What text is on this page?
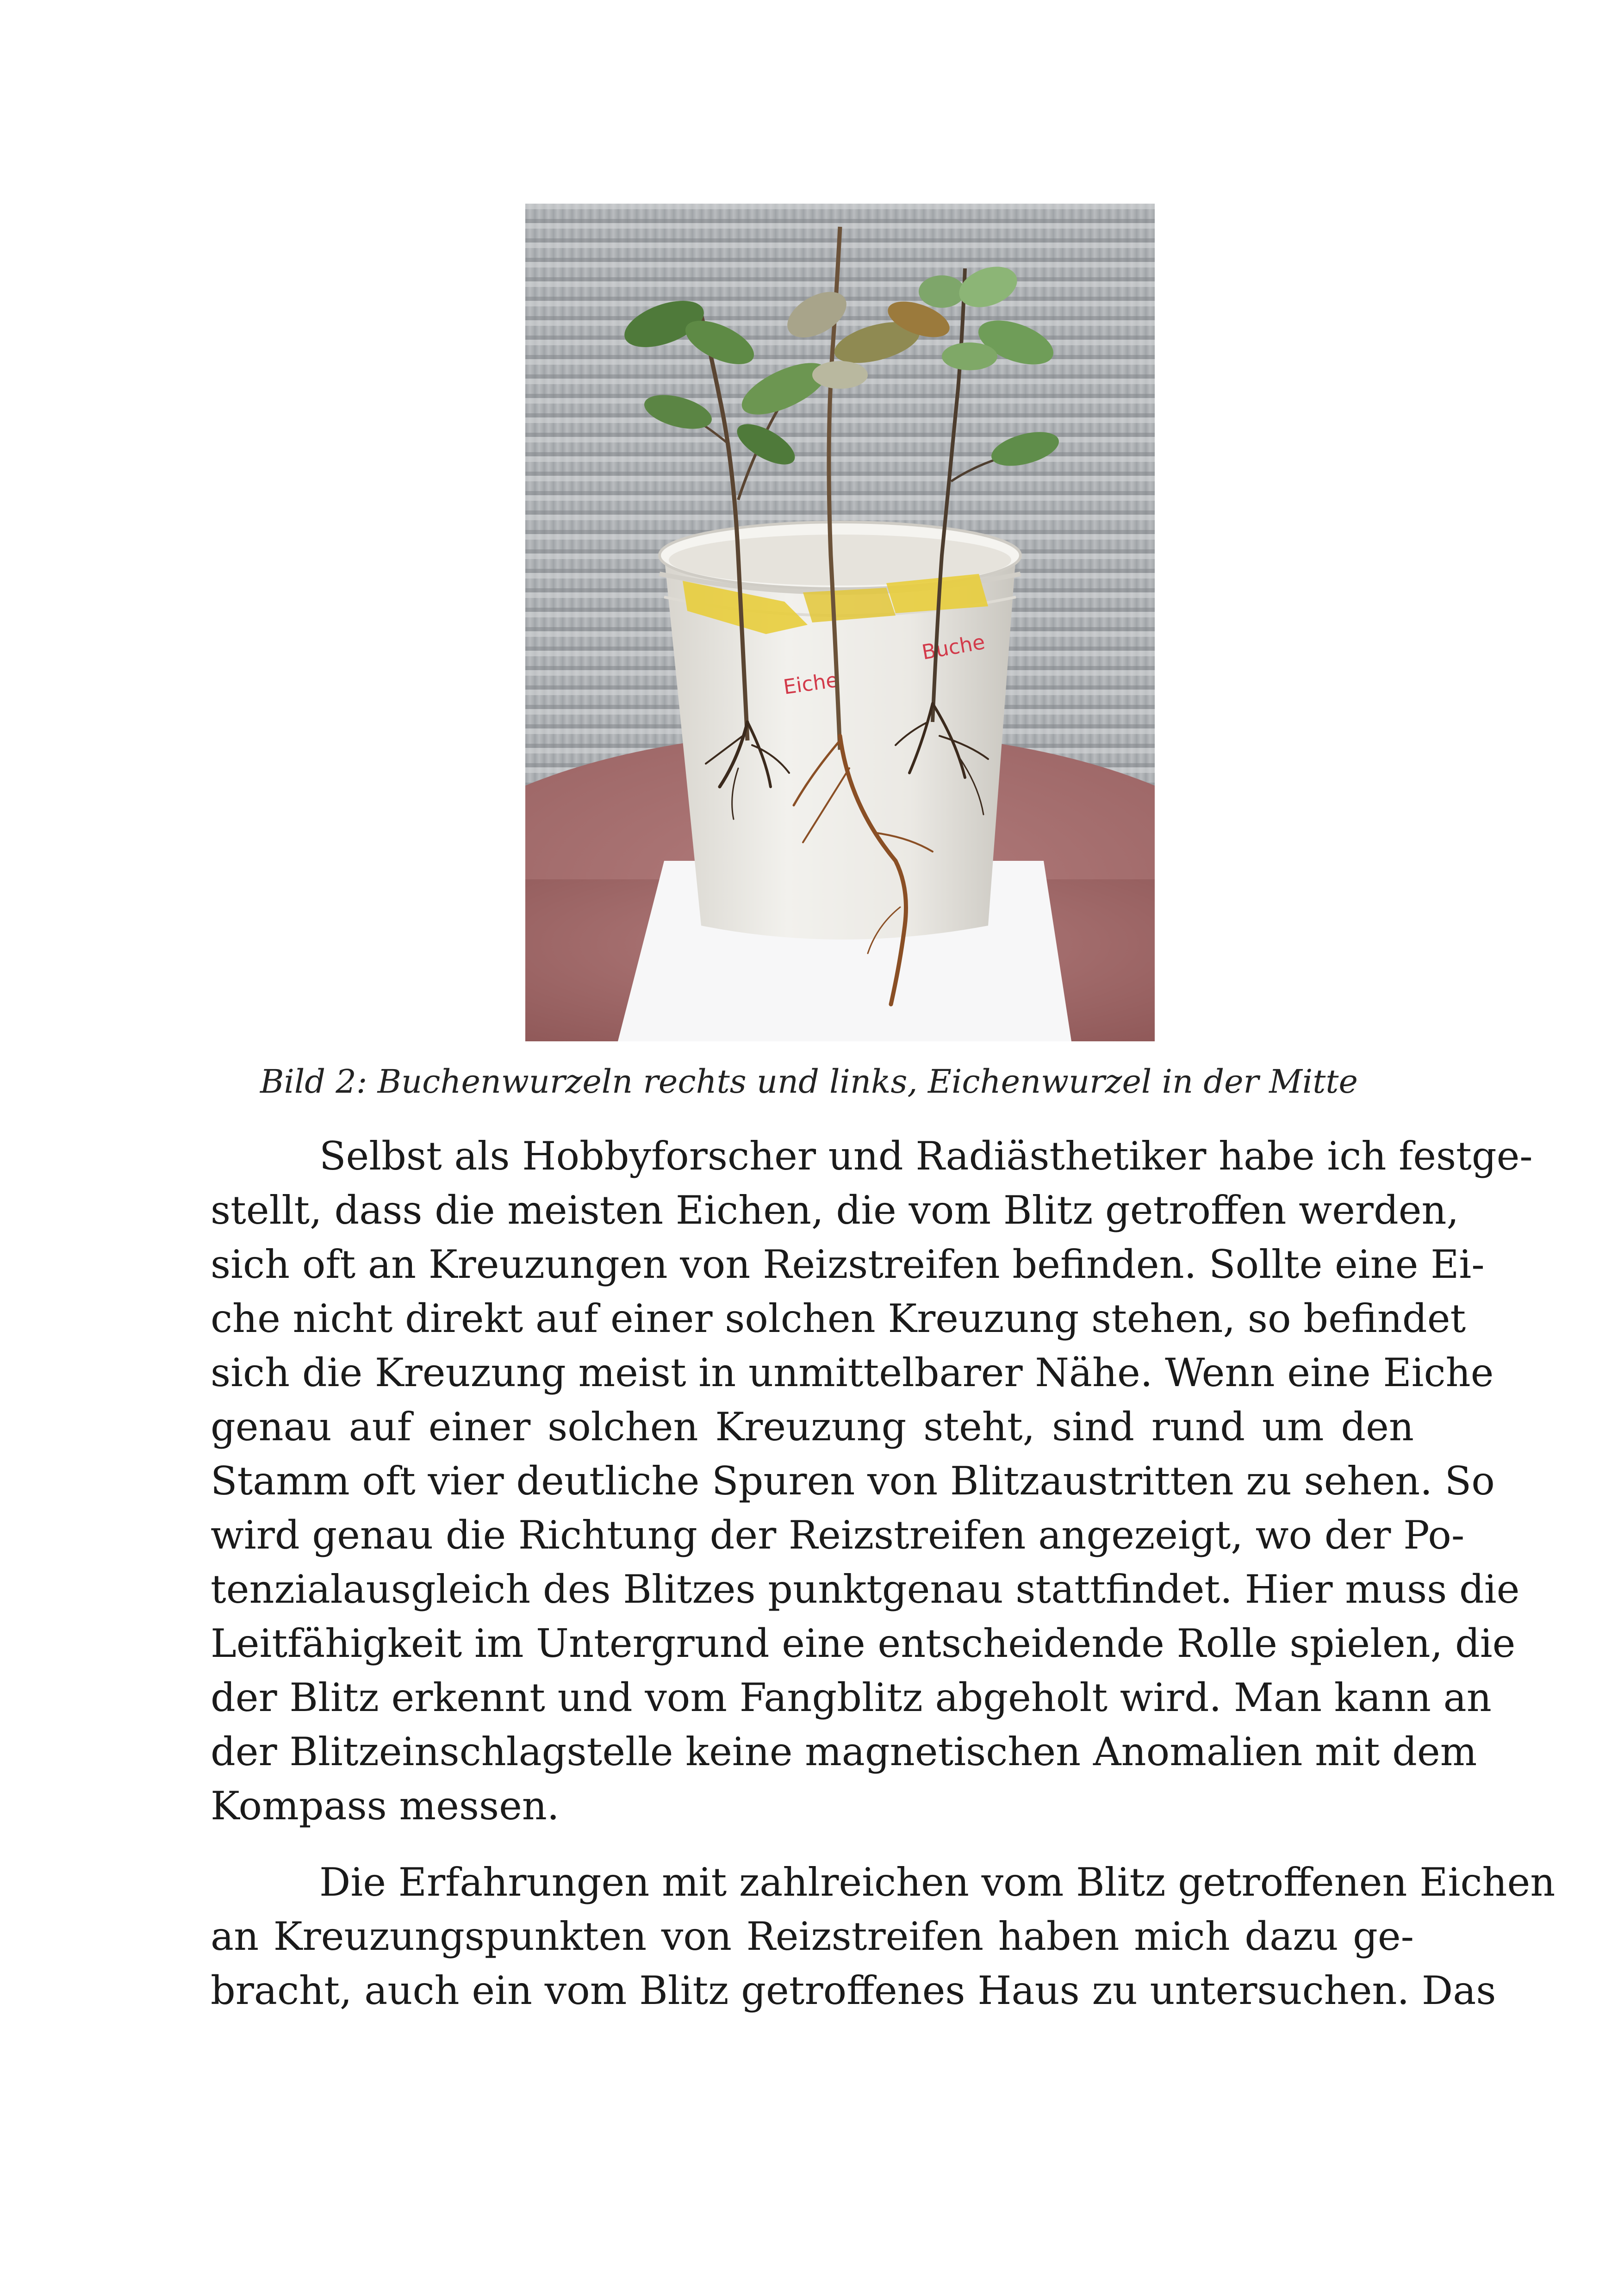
Eiche
Buche
Bild 2: Buchenwurzeln rechts und links, Eichenwurzel in der Mitte
Selbst als Hobbyforscher und Radiästhetiker habe ich festge-
stellt, dass die meisten Eichen, die vom Blitz getroffen werden,
sich oft an Kreuzungen von Reizstreifen befinden. Sollte eine Ei-
che nicht direkt auf einer solchen Kreuzung stehen, so befindet
sich die Kreuzung meist in unmittelbarer Nähe. Wenn eine Eiche
genau auf einer solchen Kreuzung steht, sind rund um den
Stamm oft vier deutliche Spuren von Blitzaustritten zu sehen. So
wird genau die Richtung der Reizstreifen angezeigt, wo der Po-
tenzialausgleich des Blitzes punktgenau stattfindet. Hier muss die
Leitfähigkeit im Untergrund eine entscheidende Rolle spielen, die
der Blitz erkennt und vom Fangblitz abgeholt wird. Man kann an
der Blitzeinschlagstelle keine magnetischen Anomalien mit dem
Kompass messen.
Die Erfahrungen mit zahlreichen vom Blitz getroffenen Eichen
an Kreuzungspunkten von Reizstreifen haben mich dazu ge-
bracht, auch ein vom Blitz getroffenes Haus zu untersuchen. Das
